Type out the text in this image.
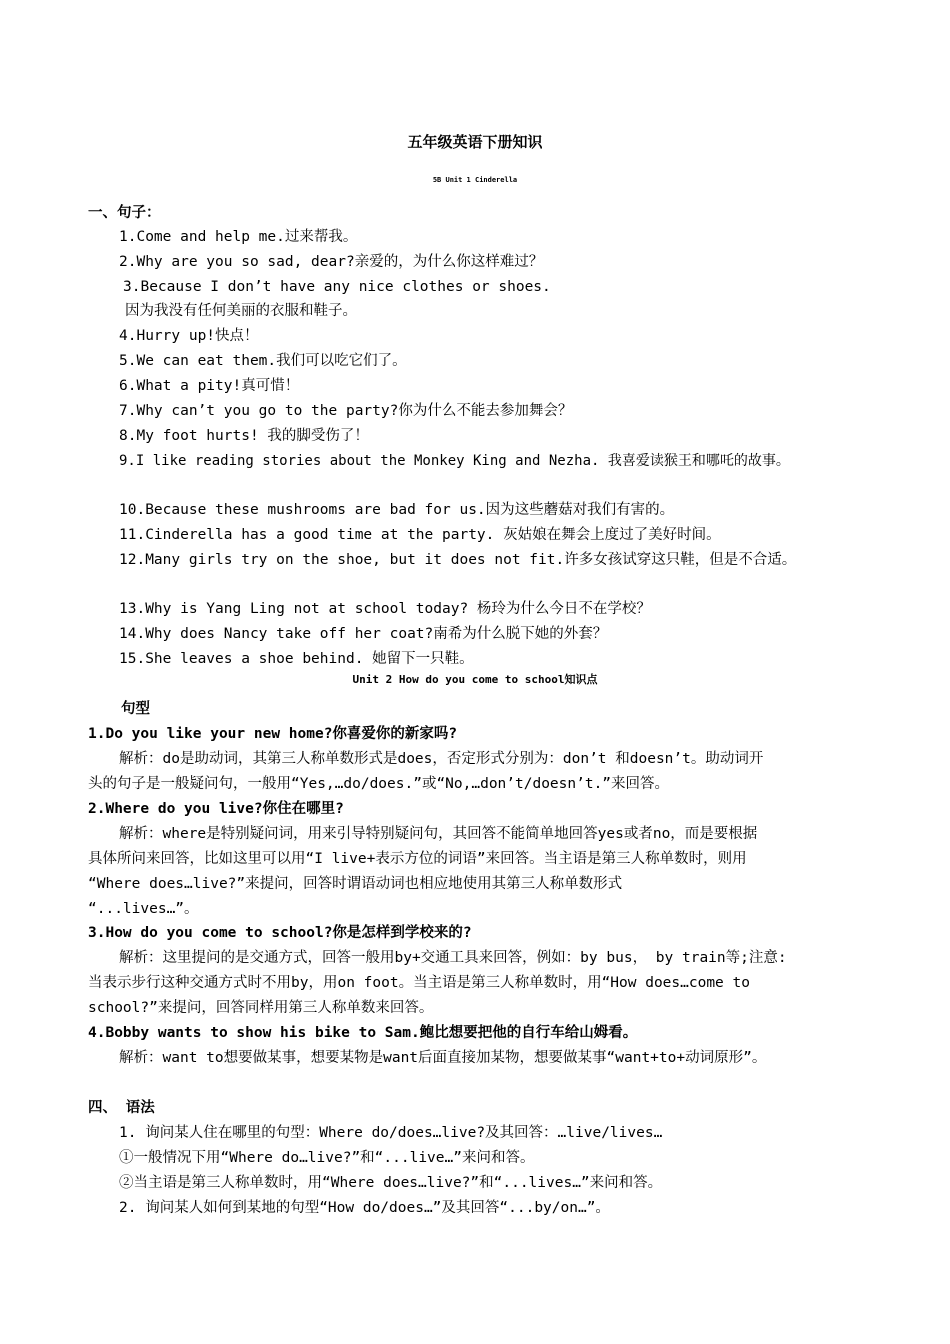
五年级英语下册知识
5B Unit 1 Cinderella
一、句子：
1.Come and help me.过来帮我。
2.Why are you so sad, dear?亲爱的，为什么你这样难过？
3.Because I don’t have any nice clothes or shoes.
因为我没有任何美丽的衣服和鞋子。
4.Hurry up!快点！
5.We can eat them.我们可以吃它们了。
6.What a pity!真可惜！
7.Why can’t you go to the party?你为什么不能去参加舞会？
8.My foot hurts! 我的脚受伤了！
9.I like reading stories about the Monkey King and Nezha. 我喜爱读猴王和哪吒的故事。
10.Because these mushrooms are bad for us.因为这些蘑菇对我们有害的。
11.Cinderella has a good time at the party. 灰姑娘在舞会上度过了美好时间。
12.Many girls try on the shoe, but it does not fit.许多女孩试穿这只鞋，但是不合适。
13.Why is Yang Ling not at school today? 杨玲为什么今日不在学校？
14.Why does Nancy take off her coat?南希为什么脱下她的外套？
15.She leaves a shoe behind. 她留下一只鞋。
Unit 2 How do you come to school知识点
句型
1.Do you like your new home?你喜爱你的新家吗?
解析：do是助动词，其第三人称单数形式是does，否定形式分别为：don’t 和doesn’t。助动词开
头的句子是一般疑问句，一般用“Yes,…do/does.”或“No,…don’t/doesn’t.”来回答。
2.Where do you live?你住在哪里?
解析：where是特别疑问词，用来引导特别疑问句，其回答不能简单地回答yes或者no，而是要根据
具体所问来回答，比如这里可以用“I live+表示方位的词语”来回答。当主语是第三人称单数时，则用
“Where does…live?”来提问，回答时谓语动词也相应地使用其第三人称单数形式
“...lives…”。
3.How do you come to school?你是怎样到学校来的?
解析：这里提问的是交通方式，回答一般用by+交通工具来回答，例如：by bus， by train等;注意:
当表示步行这种交通方式时不用by，用on foot。当主语是第三人称单数时，用“How does…come to
school?”来提问，回答同样用第三人称单数来回答。
4.Bobby wants to show his bike to Sam.鲍比想要把他的自行车给山姆看。
解析：want to想要做某事，想要某物是want后面直接加某物，想要做某事“want+to+动词原形”。
四、 语法
1. 询问某人住在哪里的句型：Where do/does…live?及其回答：…live/lives…
①一般情况下用“Where do…live?”和“...live…”来问和答。
②当主语是第三人称单数时，用“Where does…live?”和“...lives…”来问和答。
2. 询问某人如何到某地的句型“How do/does…”及其回答“...by/on…”。
